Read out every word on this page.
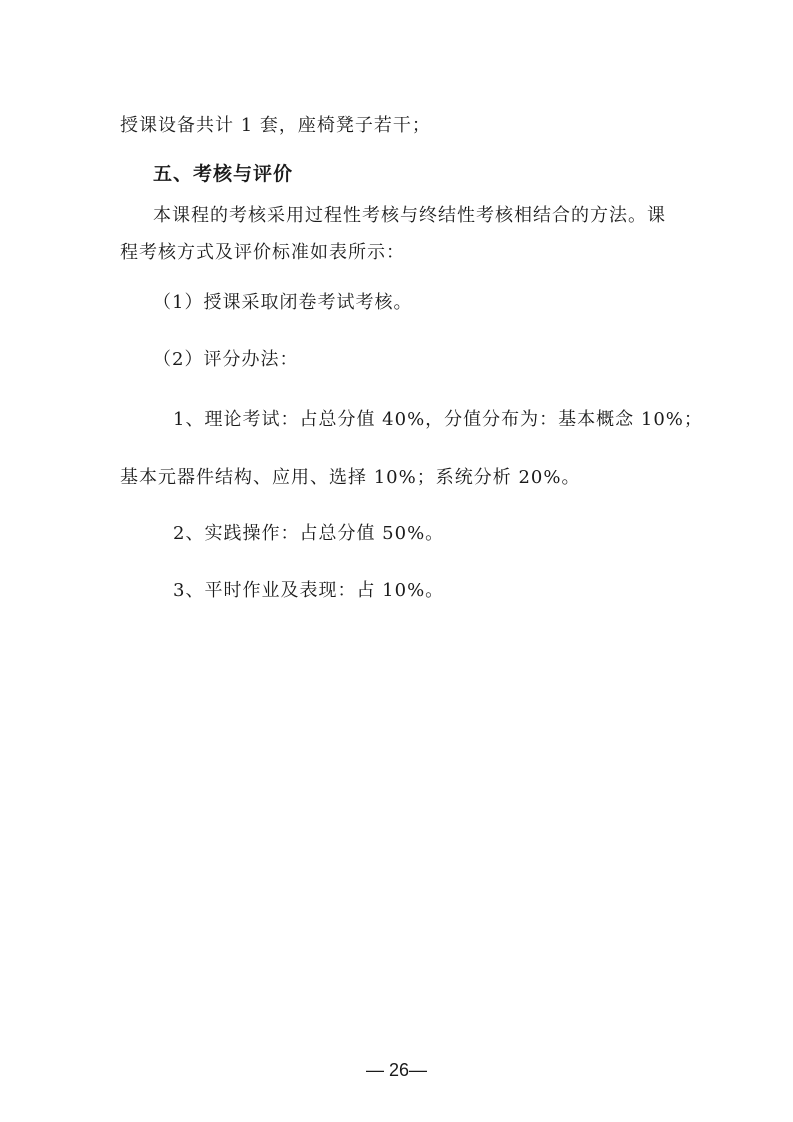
授课设备共计 1 套，座椅凳子若干；
五、考核与评价
本课程的考核采用过程性考核与终结性考核相结合的方法。课
程考核方式及评价标准如表所示：
（1）授课采取闭卷考试考核。
（2）评分办法：
1、理论考试：占总分值 40%，分值分布为：基本概念 10%；
基本元器件结构、应用、选择 10%；系统分析 20%。
2、实践操作：占总分值 50%。
3、平时作业及表现：占 10%。
— 26—
